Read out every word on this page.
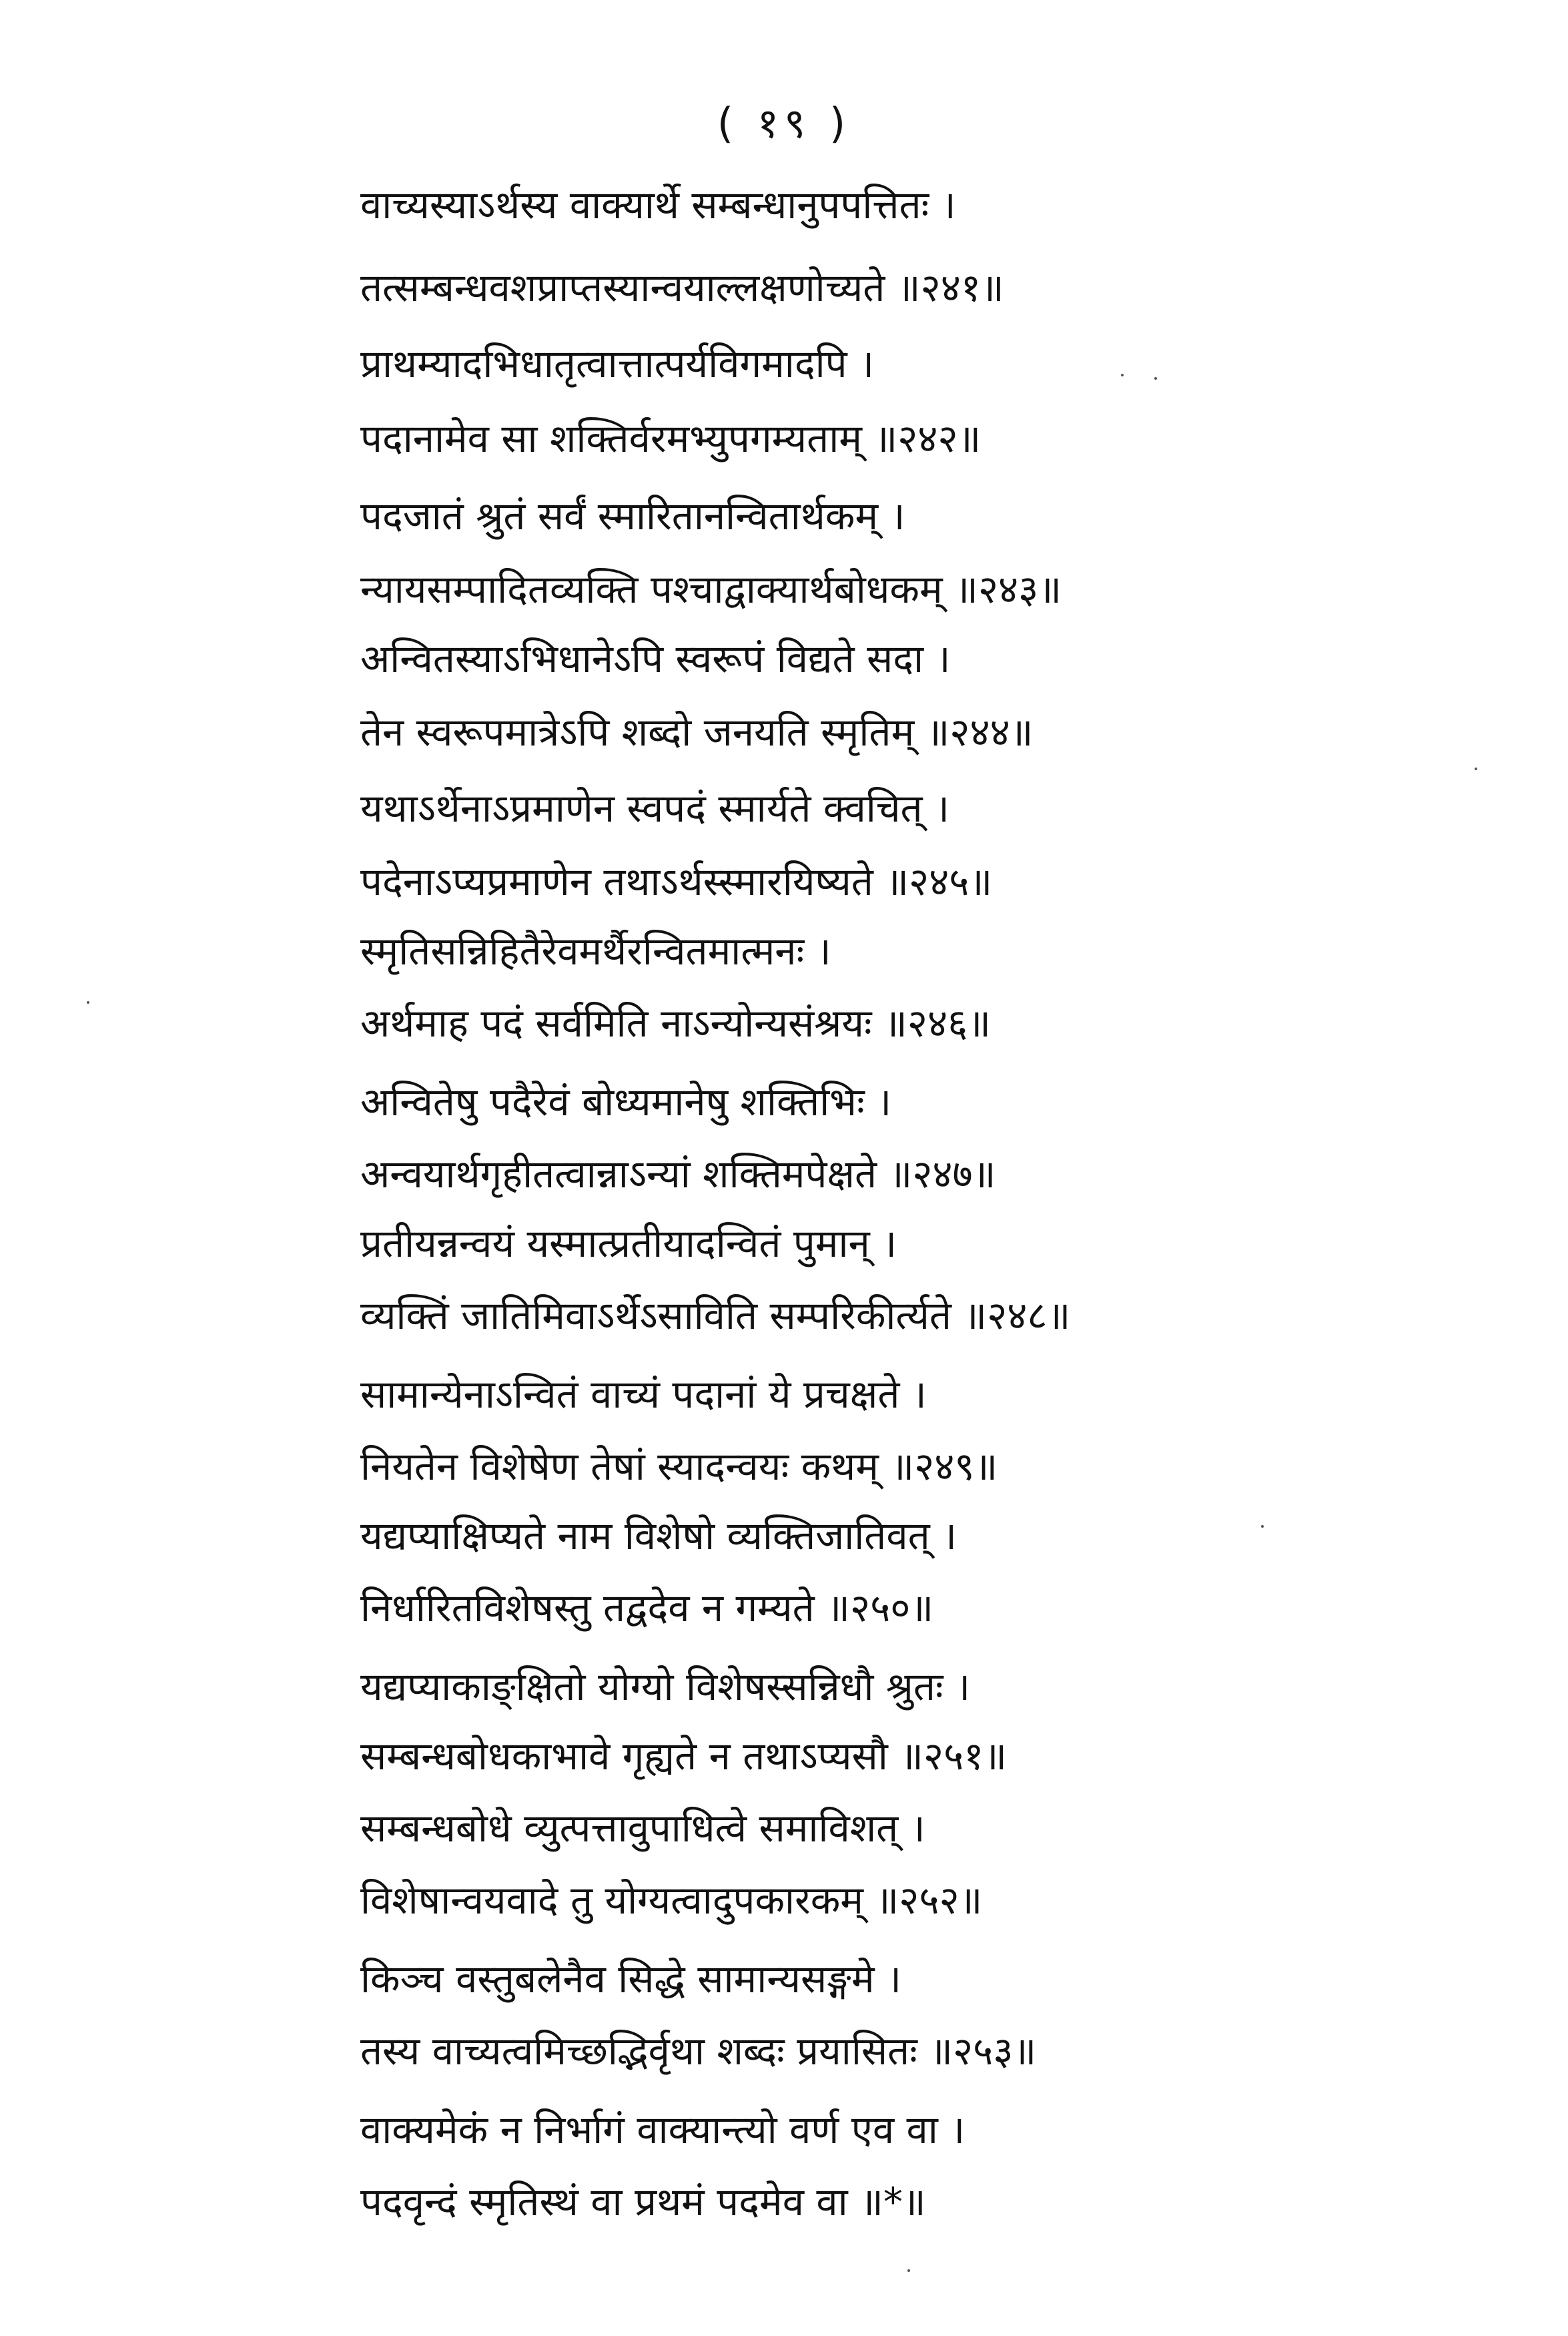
( १९ )
वाच्यस्याऽर्थस्य वाक्यार्थे सम्बन्धानुपपत्तितः ।
तत्सम्बन्धवशप्राप्तस्यान्वयाल्लक्षणोच्यते ॥२४१॥
प्राथम्यादभिधातृत्वात्तात्पर्यविगमादपि ।
पदानामेव सा शक्तिर्वरमभ्युपगम्यताम् ॥२४२॥
पदजातं श्रुतं सर्वं स्मारितानन्वितार्थकम् ।
न्यायसम्पादितव्यक्ति पश्चाद्वाक्यार्थबोधकम् ॥२४३॥
अन्वितस्याऽभिधानेऽपि स्वरूपं विद्यते सदा ।
तेन स्वरूपमात्रेऽपि शब्दो जनयति स्मृतिम् ॥२४४॥
यथाऽर्थेनाऽप्रमाणेन स्वपदं स्मार्यते क्वचित् ।
पदेनाऽप्यप्रमाणेन तथाऽर्थस्स्मारयिष्यते ॥२४५॥
स्मृतिसन्निहितैरेवमर्थैरन्वितमात्मनः ।
अर्थमाह पदं सर्वमिति नाऽन्योन्यसंश्रयः ॥२४६॥
अन्वितेषु पदैरेवं बोध्यमानेषु शक्तिभिः ।
अन्वयार्थगृहीतत्वान्नाऽन्यां शक्तिमपेक्षते ॥२४७॥
प्रतीयन्नन्वयं यस्मात्प्रतीयादन्वितं पुमान् ।
व्यक्तिं जातिमिवाऽर्थेऽसाविति सम्परिकीर्त्यते ॥२४८॥
सामान्येनाऽन्वितं वाच्यं पदानां ये प्रचक्षते ।
नियतेन विशेषेण तेषां स्यादन्वयः कथम् ॥२४९॥
यद्यप्याक्षिप्यते नाम विशेषो व्यक्तिजातिवत् ।
निर्धारितविशेषस्तु तद्वदेव न गम्यते ॥२५०॥
यद्यप्याकाङ्क्षितो योग्यो विशेषस्सन्निधौ श्रुतः ।
सम्बन्धबोधकाभावे गृह्यते न तथाऽप्यसौ ॥२५१॥
सम्बन्धबोधे व्युत्पत्तावुपाधित्वे समाविशत् ।
विशेषान्वयवादे तु योग्यत्वादुपकारकम् ॥२५२॥
किञ्च वस्तुबलेनैव सिद्धे सामान्यसङ्गमे ।
तस्य वाच्यत्वमिच्छद्भिर्वृथा शब्दः प्रयासितः ॥२५३॥
वाक्यमेकं न निर्भागं वाक्यान्त्यो वर्ण एव वा ।
पदवृन्दं स्मृतिस्थं वा प्रथमं पदमेव वा ॥*॥
